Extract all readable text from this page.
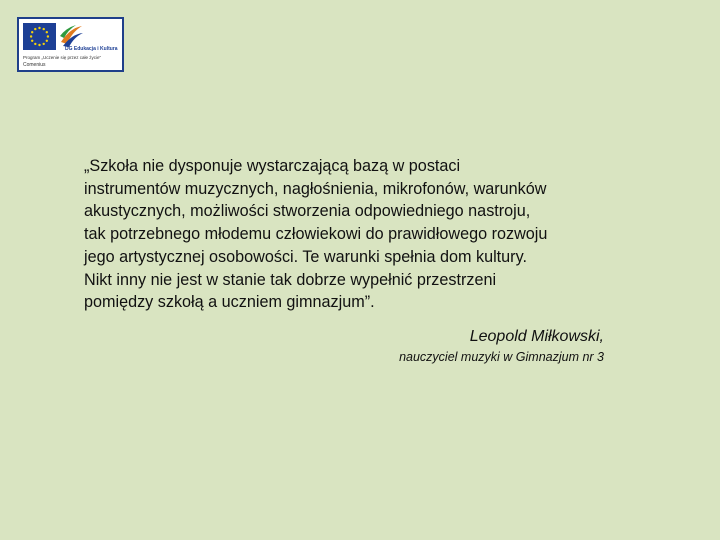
DG Edukacja i Kultura
Program „Uczenie się przez całe życie”
Comenius
„Szkoła nie dysponuje wystarczającą bazą w postaci
instrumentów muzycznych, nagłośnienia, mikrofonów, warunków
akustycznych, możliwości stworzenia odpowiedniego nastroju,
tak potrzebnego młodemu człowiekowi do prawidłowego rozwoju
jego artystycznej osobowości. Te warunki spełnia dom kultury.
Nikt inny nie jest w stanie tak dobrze wypełnić przestrzeni
pomiędzy szkołą a uczniem gimnazjum”.
Leopold Miłkowski,
nauczyciel muzyki w Gimnazjum nr 3
